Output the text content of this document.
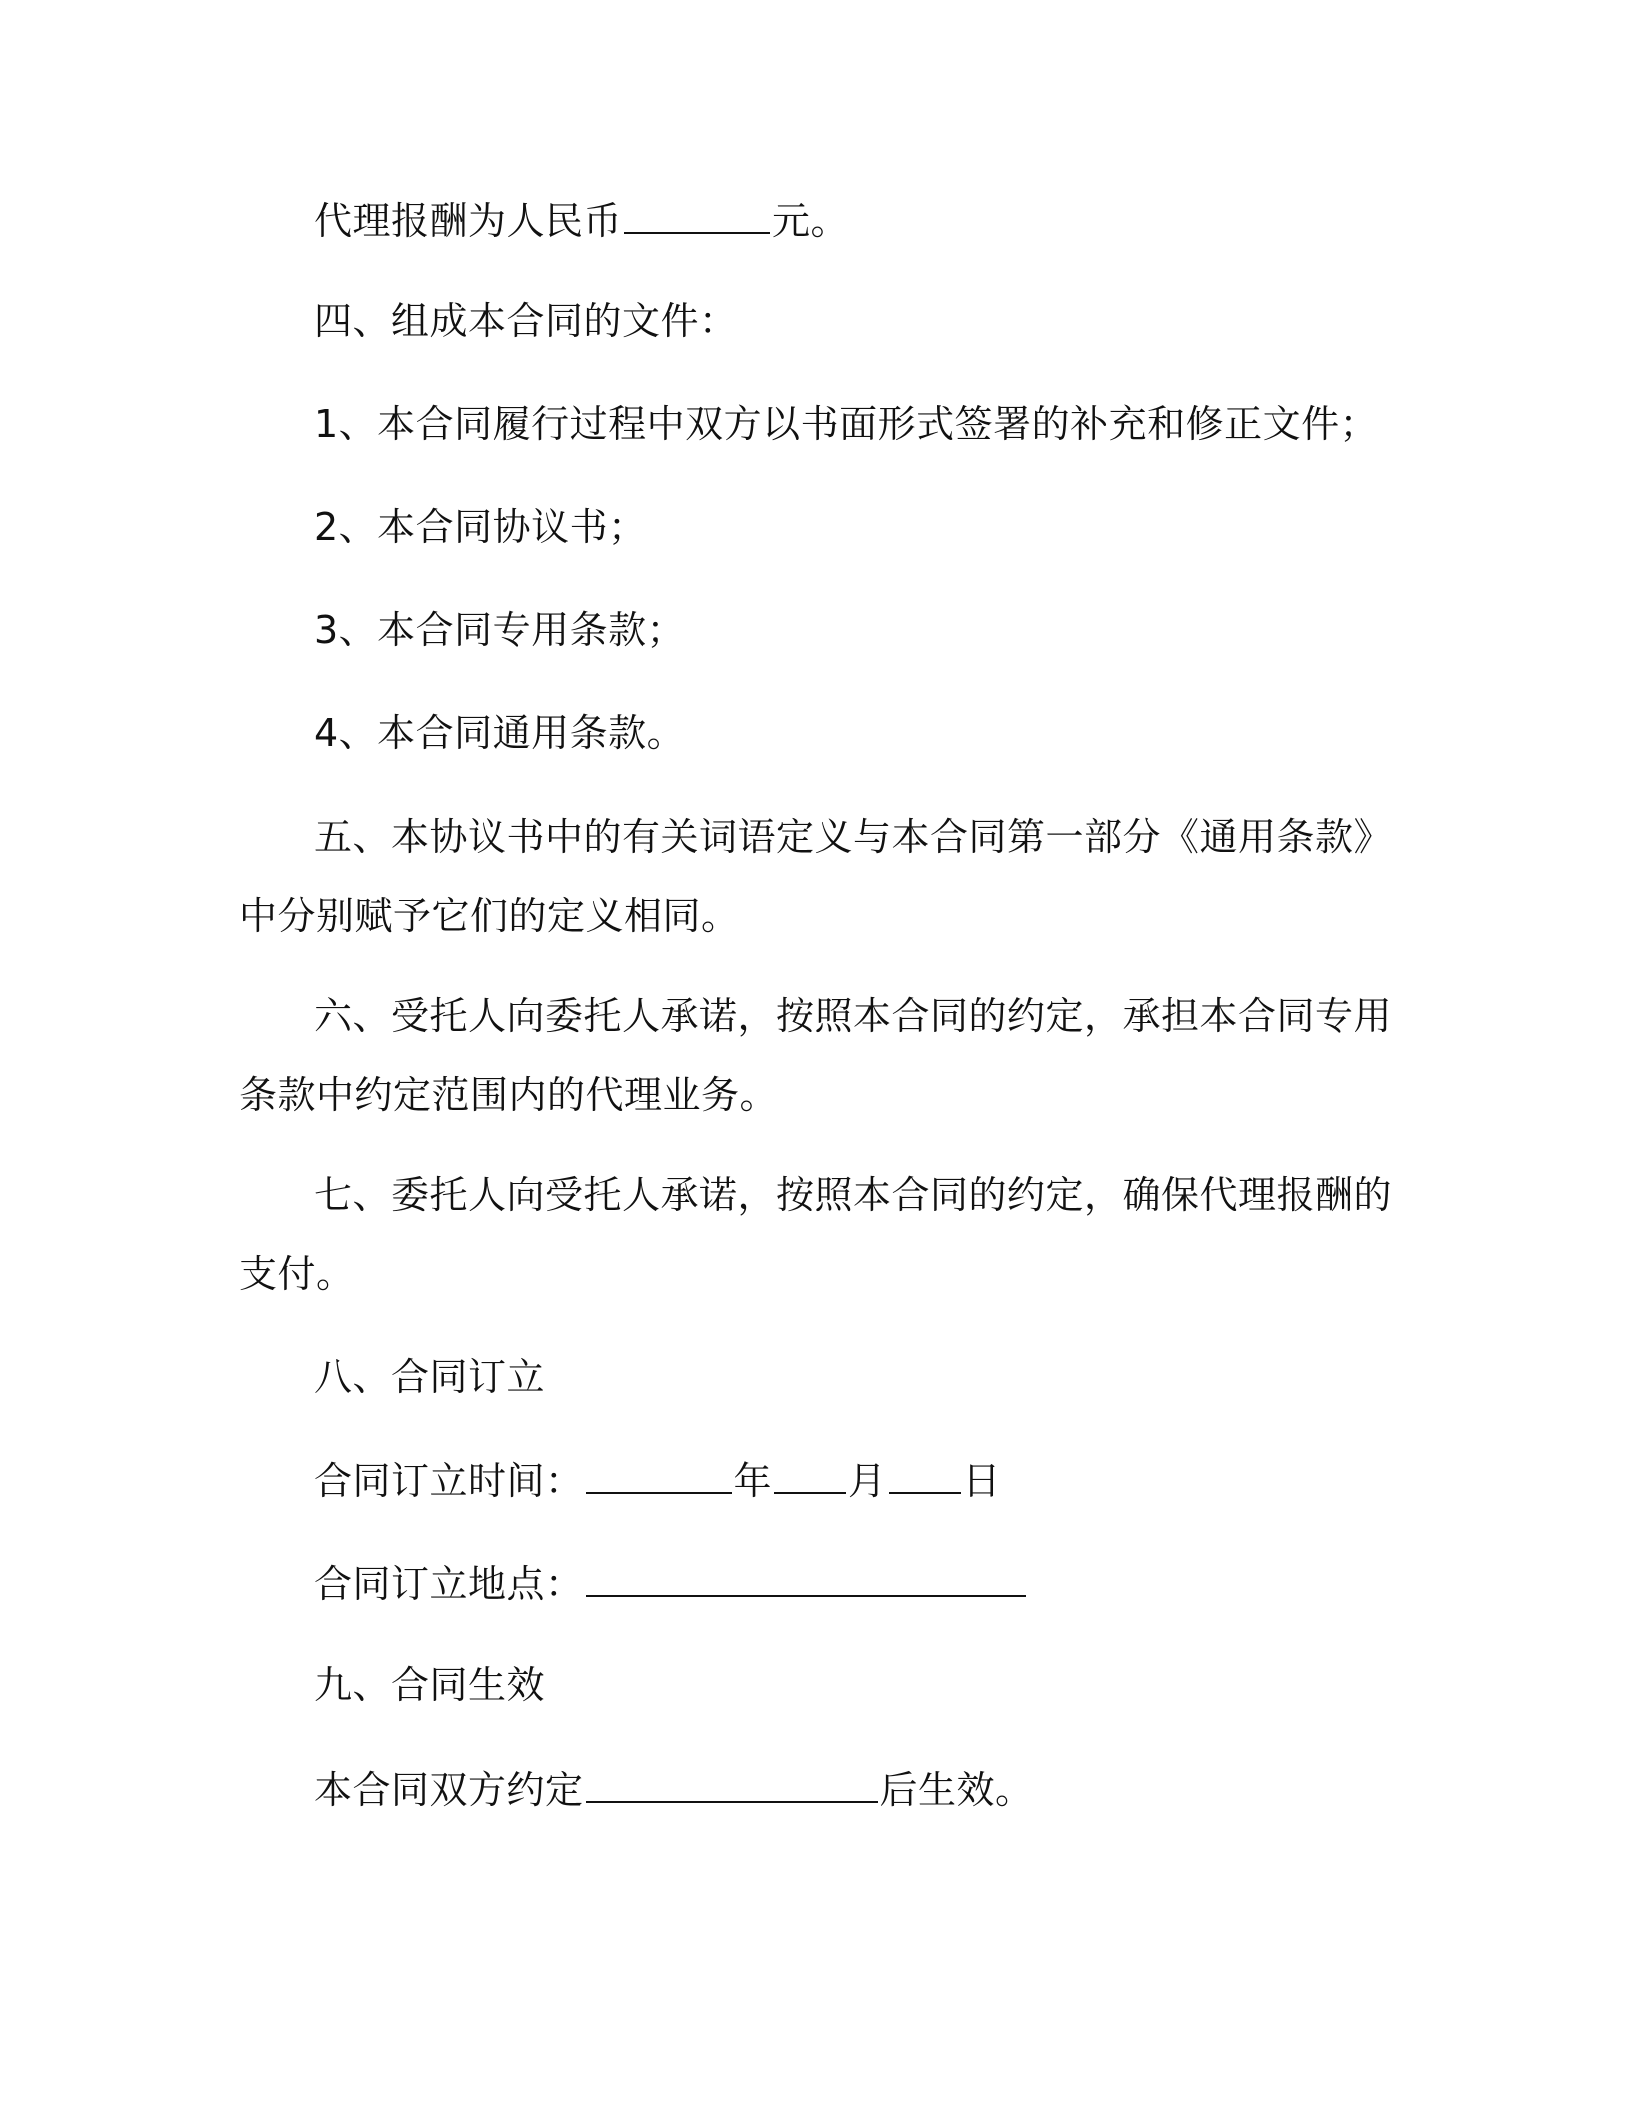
代理报酬为人民币	元。
四、组成本合同的文件：
1、本合同履行过程中双方以书面形式签署的补充和修正文件；
2、本合同协议书；
3、本合同专用条款；
4、本合同通用条款。
五、本协议书中的有关词语定义与本合同第一部分《通用条款》
中分别赋予它们的定义相同。
六、受托人向委托人承诺，按照本合同的约定，承担本合同专用
条款中约定范围内的代理业务。
七、委托人向受托人承诺，按照本合同的约定，确保代理报酬的
支付。
八、合同订立
合同订立时间：	年 月 日
合同订立地点：
九、合同生效
本合同双方约定	后生效。
